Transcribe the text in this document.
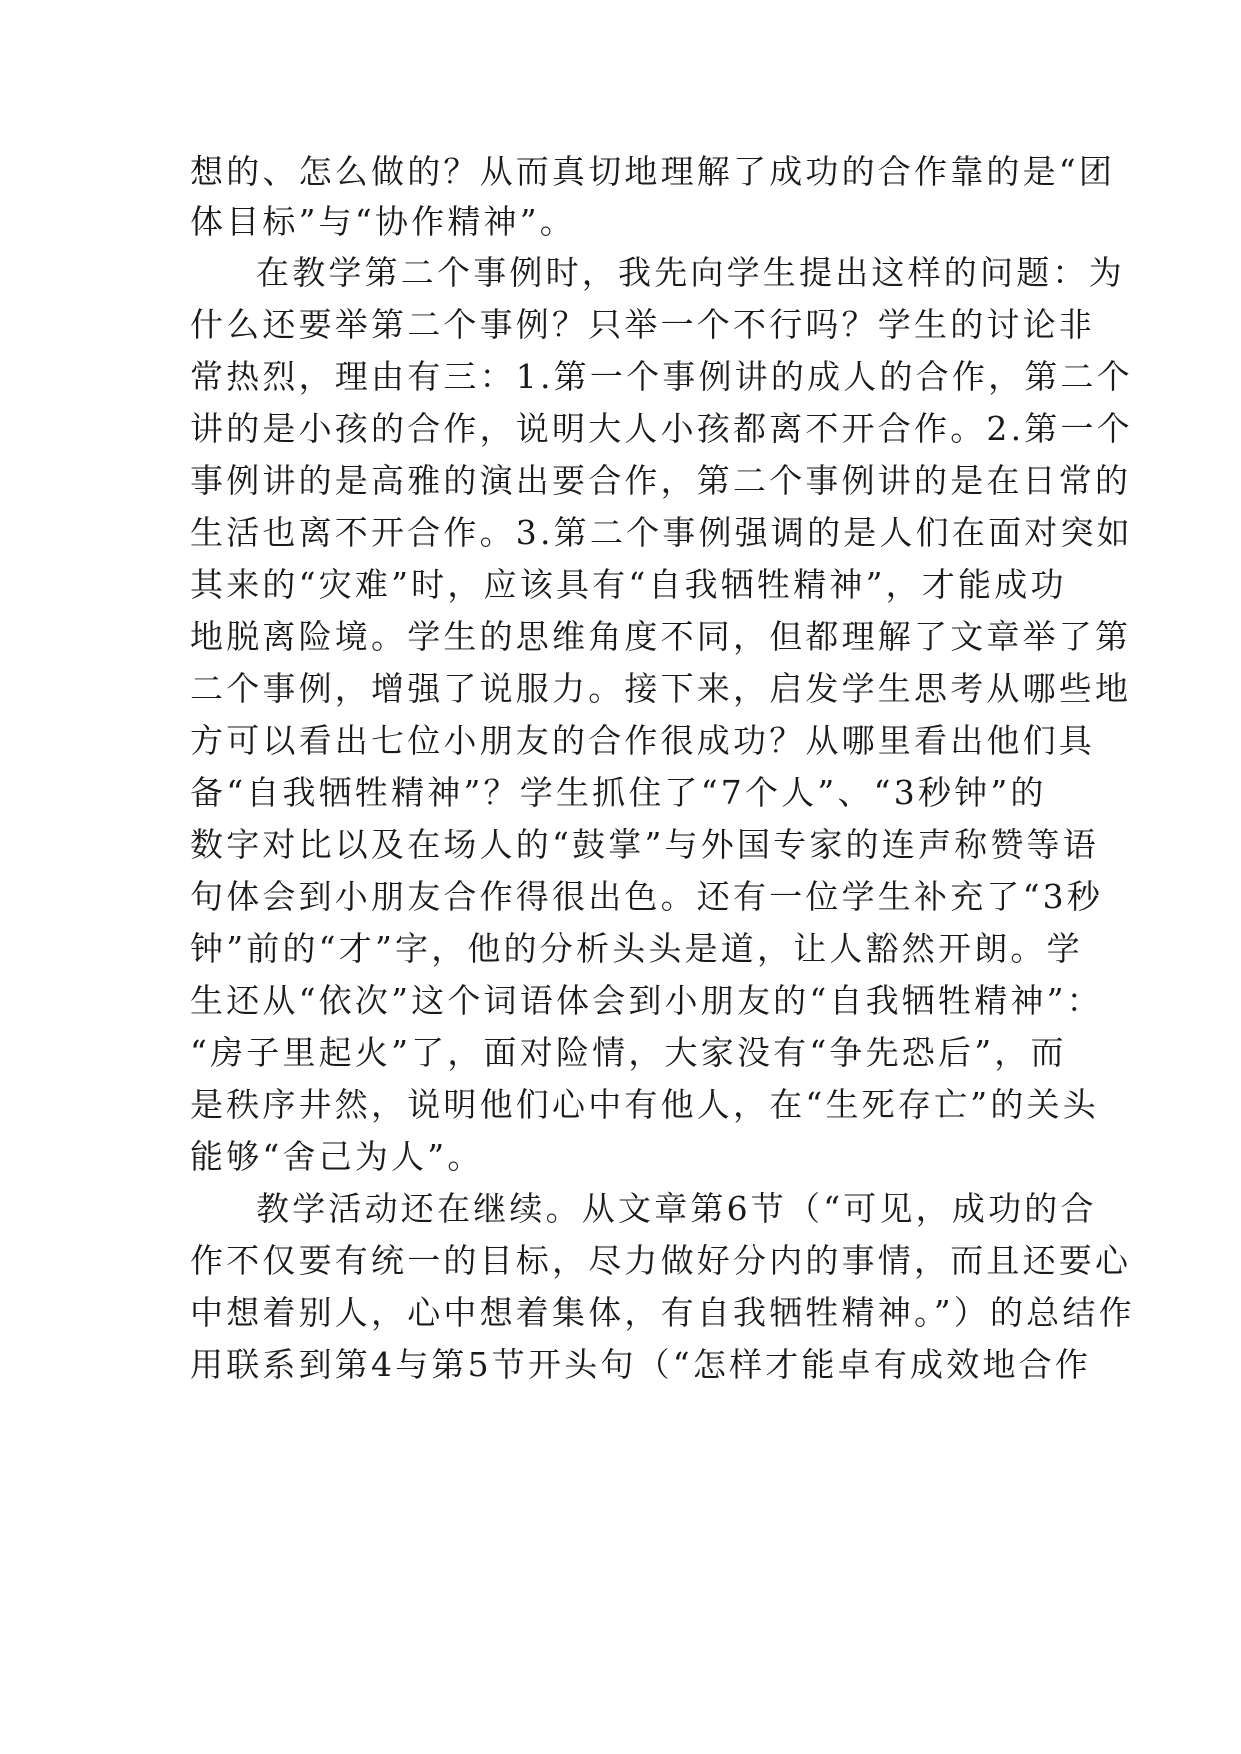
想的、怎么做的？从而真切地理解了成功的合作靠的是“团
体目标”与“协作精神”。
在教学第二个事例时，我先向学生提出这样的问题：为
什么还要举第二个事例？只举一个不行吗？学生的讨论非
常热烈，理由有三：1.第一个事例讲的成人的合作，第二个
讲的是小孩的合作，说明大人小孩都离不开合作。2.第一个
事例讲的是高雅的演出要合作，第二个事例讲的是在日常的
生活也离不开合作。3.第二个事例强调的是人们在面对突如
其来的“灾难”时，应该具有“自我牺牲精神”，才能成功
地脱离险境。学生的思维角度不同，但都理解了文章举了第
二个事例，增强了说服力。接下来，启发学生思考从哪些地
方可以看出七位小朋友的合作很成功？从哪里看出他们具
备“自我牺牲精神”？学生抓住了“7个人”、“3秒钟”的
数字对比以及在场人的“鼓掌”与外国专家的连声称赞等语
句体会到小朋友合作得很出色。还有一位学生补充了“3秒
钟”前的“才”字，他的分析头头是道，让人豁然开朗。学
生还从“依次”这个词语体会到小朋友的“自我牺牲精神”：
“房子里起火”了，面对险情，大家没有“争先恐后”，而
是秩序井然，说明他们心中有他人，在“生死存亡”的关头
能够“舍己为人”。
教学活动还在继续。从文章第6节（“可见，成功的合
作不仅要有统一的目标，尽力做好分内的事情，而且还要心
中想着别人，心中想着集体，有自我牺牲精神。”）的总结作
用联系到第4与第5节开头句（“怎样才能卓有成效地合作
